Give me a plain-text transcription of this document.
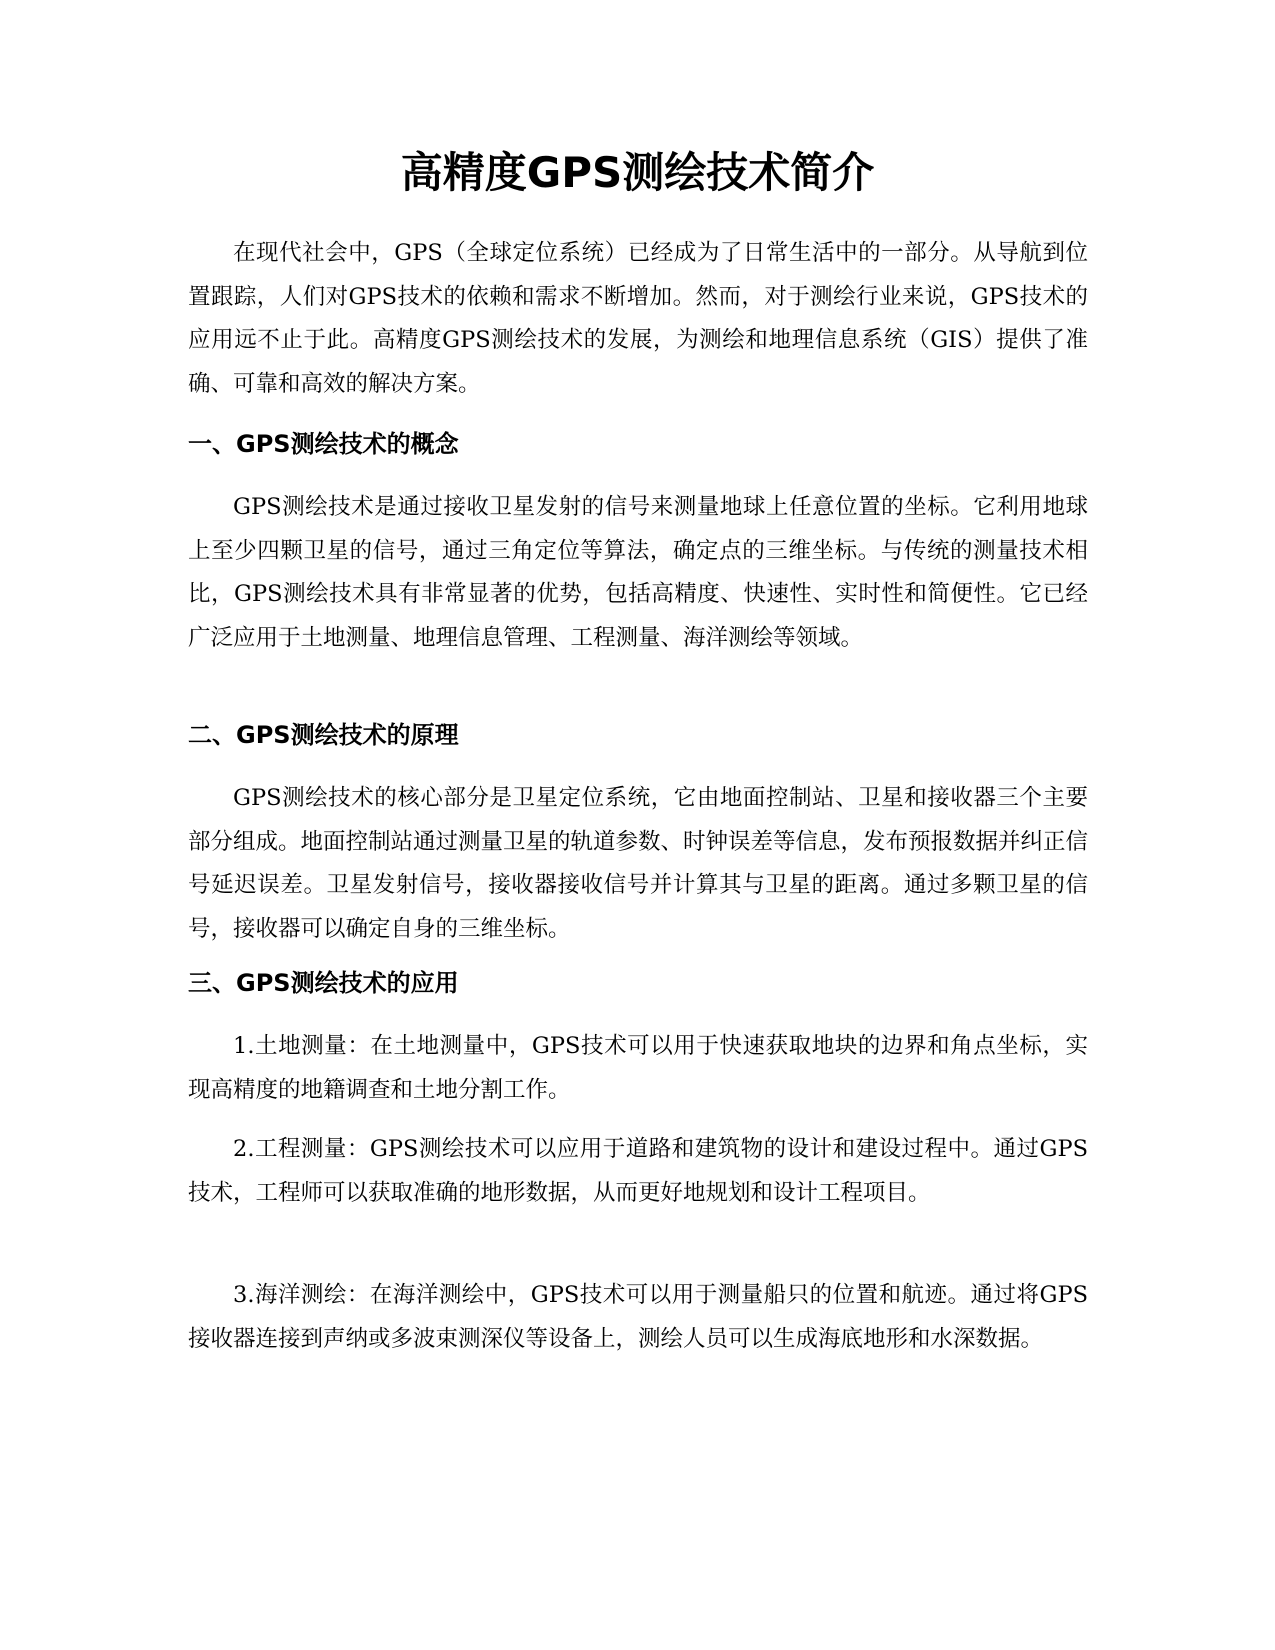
高精度GPS测绘技术简介

在现代社会中，GPS（全球定位系统）已经成为了日常生活中的一部分。从导航到位置跟踪，人们对GPS技术的依赖和需求不断增加。然而，对于测绘行业来说，GPS技术的应用远不止于此。高精度GPS测绘技术的发展，为测绘和地理信息系统（GIS）提供了准确、可靠和高效的解决方案。

一、GPS测绘技术的概念

GPS测绘技术是通过接收卫星发射的信号来测量地球上任意位置的坐标。它利用地球上至少四颗卫星的信号，通过三角定位等算法，确定点的三维坐标。与传统的测量技术相比，GPS测绘技术具有非常显著的优势，包括高精度、快速性、实时性和简便性。它已经广泛应用于土地测量、地理信息管理、工程测量、海洋测绘等领域。

二、GPS测绘技术的原理

GPS测绘技术的核心部分是卫星定位系统，它由地面控制站、卫星和接收器三个主要部分组成。地面控制站通过测量卫星的轨道参数、时钟误差等信息，发布预报数据并纠正信号延迟误差。卫星发射信号，接收器接收信号并计算其与卫星的距离。通过多颗卫星的信号，接收器可以确定自身的三维坐标。

三、GPS测绘技术的应用

1.土地测量：在土地测量中，GPS技术可以用于快速获取地块的边界和角点坐标，实现高精度的地籍调查和土地分割工作。

2.工程测量：GPS测绘技术可以应用于道路和建筑物的设计和建设过程中。通过GPS技术，工程师可以获取准确的地形数据，从而更好地规划和设计工程项目。

3.海洋测绘：在海洋测绘中，GPS技术可以用于测量船只的位置和航迹。通过将GPS接收器连接到声纳或多波束测深仪等设备上，测绘人员可以生成海底地形和水深数据。
